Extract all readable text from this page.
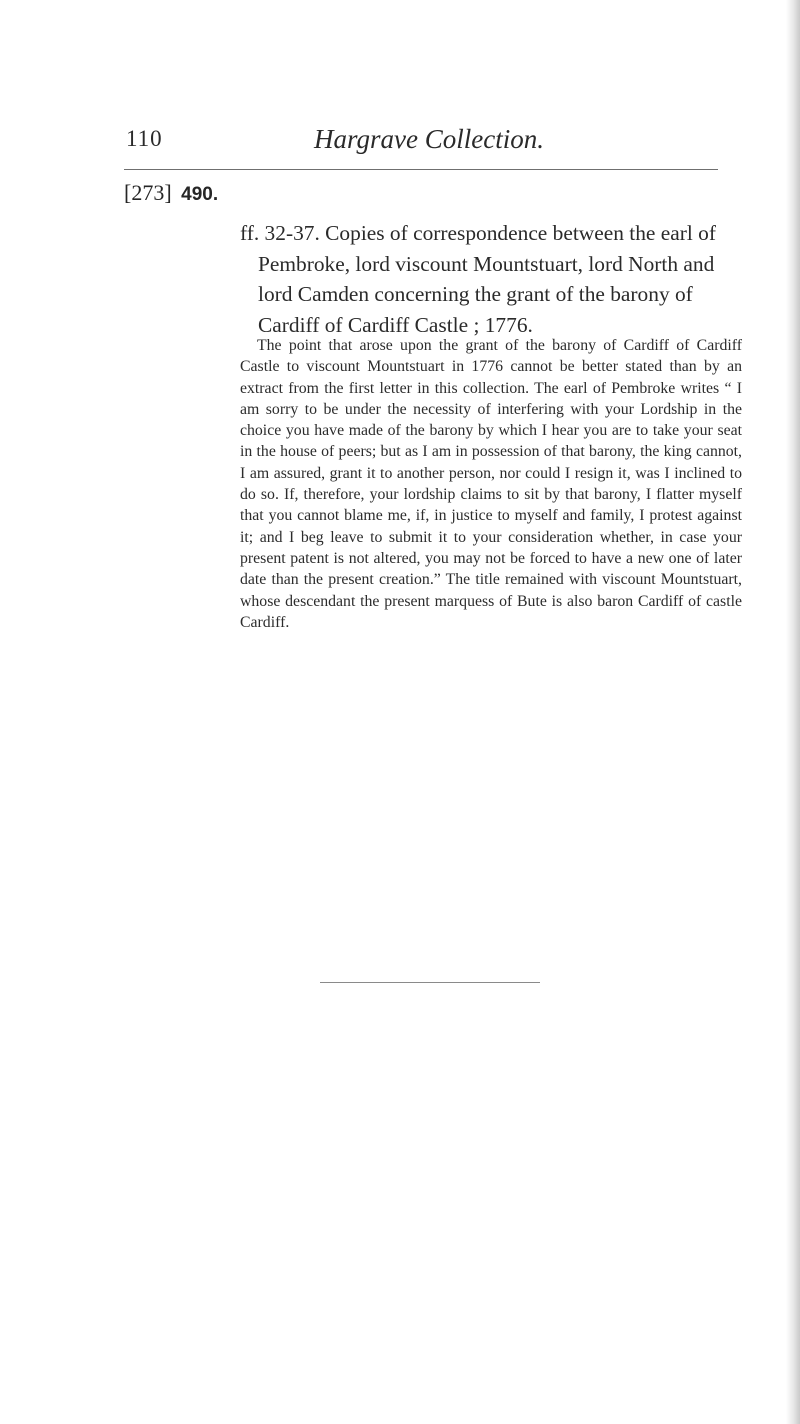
110	Hargrave Collection.
[273] 490.
ff. 32-37. Copies of correspondence between the earl of Pembroke, lord viscount Mountstuart, lord North and lord Camden concerning the grant of the barony of Cardiff of Cardiff Castle ; 1776.
The point that arose upon the grant of the barony of Cardiff of Cardiff Castle to viscount Mountstuart in 1776 cannot be better stated than by an extract from the first letter in this collection. The earl of Pembroke writes “ I am sorry to be under the necessity of interfering with your Lordship in the choice you have made of the barony by which I hear you are to take your seat in the house of peers; but as I am in possession of that barony, the king cannot, I am assured, grant it to another person, nor could I resign it, was I inclined to do so. If, therefore, your lordship claims to sit by that barony, I flatter myself that you cannot blame me, if, in justice to myself and family, I protest against it; and I beg leave to submit it to your consideration whether, in case your present patent is not altered, you may not be forced to have a new one of later date than the present creation.” The title remained with viscount Mountstuart, whose descendant the present marquess of Bute is also baron Cardiff of castle Cardiff.
